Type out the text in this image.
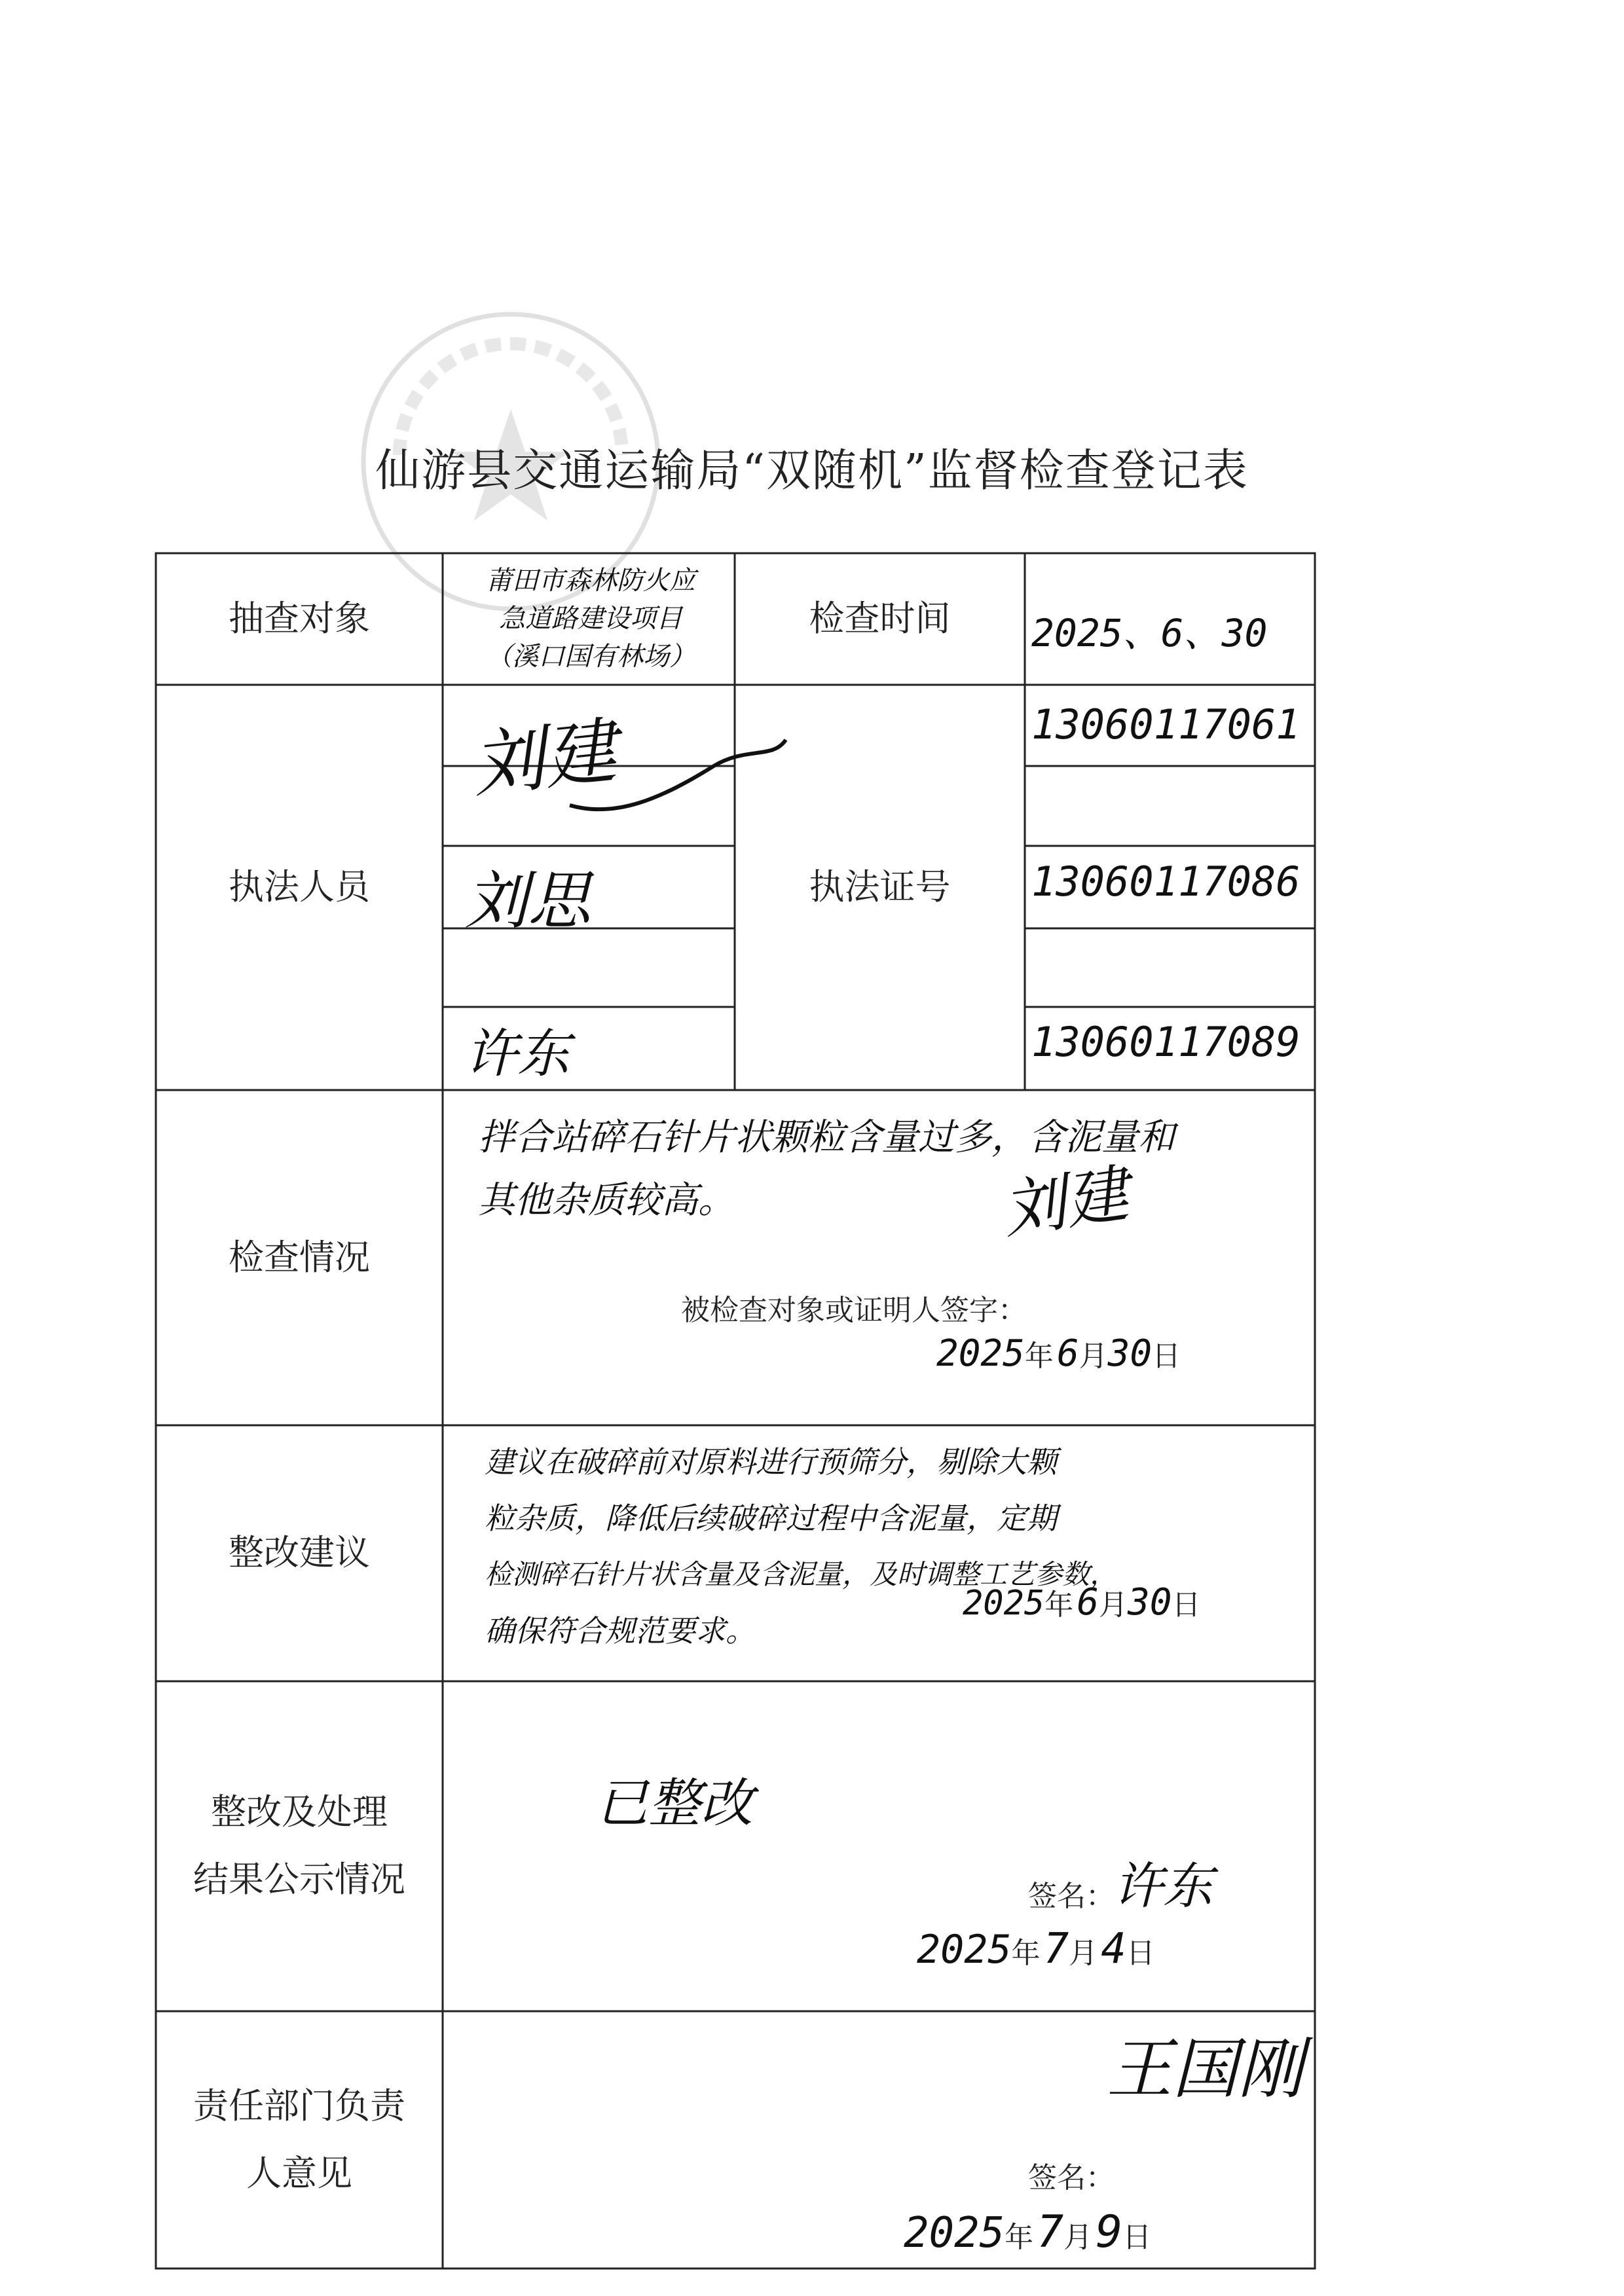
仙游县交通运输局“双随机”监督检查登记表
抽查对象
莆田市森林防火应
急道路建设项目
（溪口国有林场）
检查时间	2025、6、30
执法人员
刘建
刘思
许东
执法证号
13060117061
13060117086
13060117089
检查情况
拌合站碎石针片状颗粒含量过多，含泥量和
其他杂质较高。	刘建
被检查对象或证明人签字：
2025年 6月30日
整改建议
建议在破碎前对原料进行预筛分，剔除大颗
粒杂质，降低后续破碎过程中含泥量，定期
检测碎石针片状含量及含泥量，及时调整工艺参数，
确保符合规范要求。
2025年 6月30日
整改及处理
结果公示情况
已整改
签名：
许东
2025年 7月 4日
责任部门负责
人意见
王国刚
签名：
2025年 7月 9日
